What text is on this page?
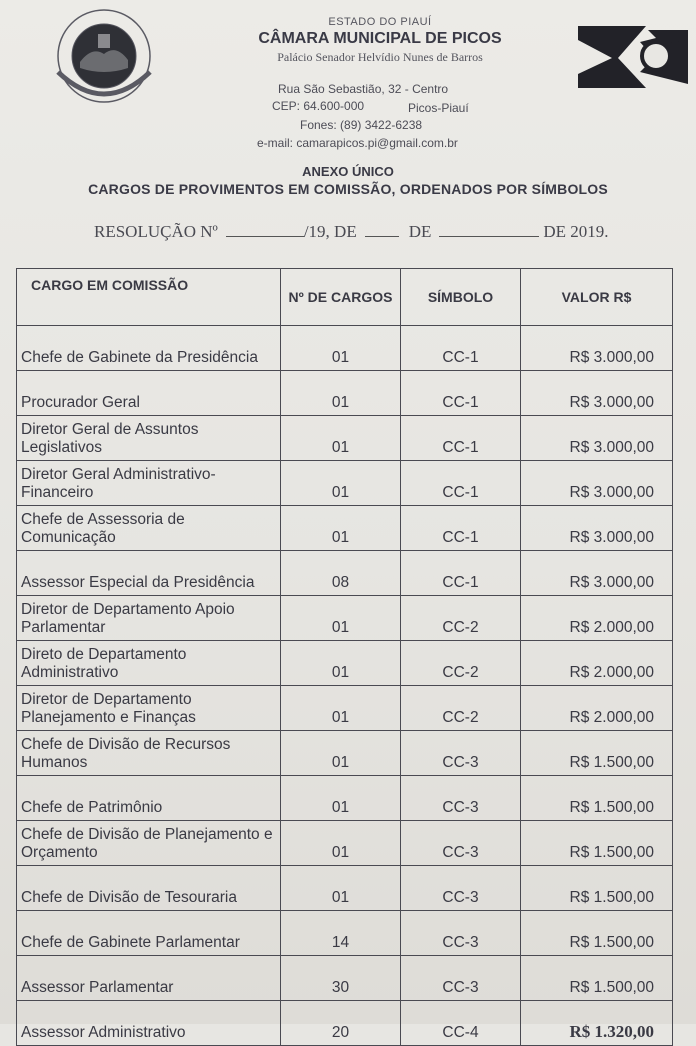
ESTADO DO PIAUÍ

CÂMARA MUNICIPAL DE PICOS

Palácio Senador Helvídio Nunes de Barros

Rua São Sebastião, 32 - Centro
CEP: 64.600-000	Picos-Piauí
Fones: (89) 3422-6238
e-mail: camarapicos.pi@gmail.com.br

ANEXO ÚNICO

CARGOS DE PROVIMENTOS EM COMISSÃO, ORDENADOS POR SÍMBOLOS

RESOLUÇÃO Nº	/19, DE	DE	DE 2019.
CARGO EM COMISSÃO	Nº DE CARGOS	SÍMBOLO	VALOR R$
Chefe de Gabinete da Presidência	01	CC-1	R$ 3.000,00
Procurador Geral	01	CC-1	R$ 3.000,00
Diretor Geral de Assuntos Legislativos	01	CC-1	R$ 3.000,00
Diretor Geral Administrativo-Financeiro	01	CC-1	R$ 3.000,00
Chefe de Assessoria de Comunicação	01	CC-1	R$ 3.000,00
Assessor Especial da Presidência	08	CC-1	R$ 3.000,00
Diretor de Departamento Apoio Parlamentar	01	CC-2	R$ 2.000,00
Direto de Departamento Administrativo	01	CC-2	R$ 2.000,00
Diretor de Departamento Planejamento e Finanças	01	CC-2	R$ 2.000,00
Chefe de Divisão de Recursos Humanos	01	CC-3	R$ 1.500,00
Chefe de Patrimônio	01	CC-3	R$ 1.500,00
Chefe de Divisão de Planejamento e Orçamento	01	CC-3	R$ 1.500,00
Chefe de Divisão de Tesouraria	01	CC-3	R$ 1.500,00
Chefe de Gabinete Parlamentar	14	CC-3	R$ 1.500,00
Assessor Parlamentar	30	CC-3	R$ 1.500,00
Assessor Administrativo	20	CC-4	R$ 1.320,00
